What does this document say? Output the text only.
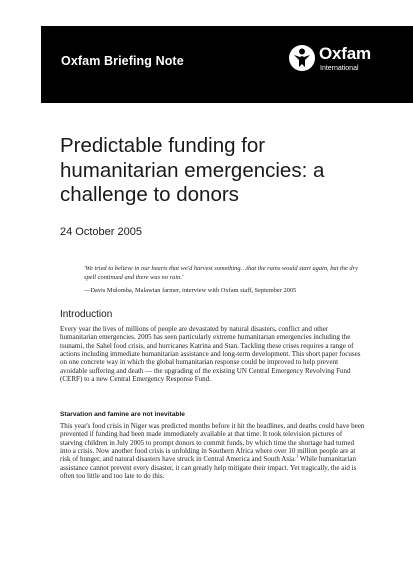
Oxfam Briefing Note	Oxfam
International
Predictable funding for humanitarian emergencies: a challenge to donors
24 October 2005

'We tried to believe in our hearts that we'd harvest something…that the rains would start again, but the dry spell continued and there was no rain.'

—Davis Mulomba, Malawian farmer, interview with Oxfam staff, September 2005
Introduction

Every year the lives of millions of people are devastated by natural disasters, conflict and other humanitarian emergencies. 2005 has seen particularly extreme humanitarian emergencies including the tsunami, the Sahel food crisis, and hurricanes Katrina and Stan. Tackling these crises requires a range of actions including immediate humanitarian assistance and long-term development. This short paper focuses on one concrete way in which the global humanitarian response could be improved to help prevent avoidable suffering and death — the upgrading of the existing UN Central Emergency Revolving Fund (CERF) to a new Central Emergency Response Fund.

Starvation and famine are not inevitable

This year's food crisis in Niger was predicted months before it hit the headlines, and deaths could have been prevented if funding had been made immediately available at that time. It took television pictures of starving children in July 2005 to prompt donors to commit funds, by which time the shortage had turned into a crisis. Now another food crisis is unfolding in Southern Africa where over 10 million people are at risk of hunger, and natural disasters have struck in Central America and South Asia.$^1$ While humanitarian assistance cannot prevent every disaster, it can greatly help mitigate their impact. Yet tragically, the aid is often too little and too late to do this.
